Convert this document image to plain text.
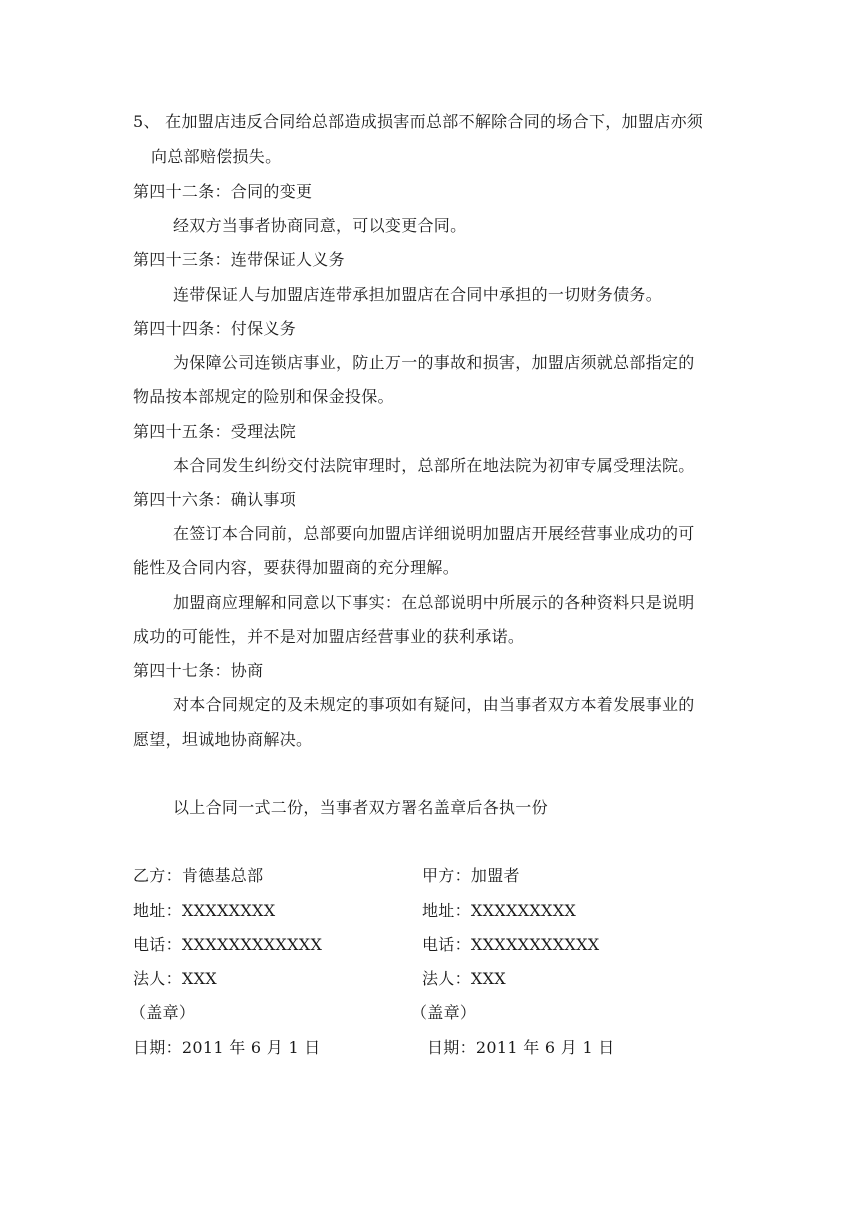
5、 在加盟店违反合同给总部造成损害而总部不解除合同的场合下，加盟店亦须
向总部赔偿损失。
第四十二条：合同的变更
经双方当事者协商同意，可以变更合同。
第四十三条：连带保证人义务
连带保证人与加盟店连带承担加盟店在合同中承担的一切财务债务。
第四十四条：付保义务
为保障公司连锁店事业，防止万一的事故和损害，加盟店须就总部指定的
物品按本部规定的险别和保金投保。
第四十五条：受理法院
本合同发生纠纷交付法院审理时，总部所在地法院为初审专属受理法院。
第四十六条：确认事项
在签订本合同前，总部要向加盟店详细说明加盟店开展经营事业成功的可
能性及合同内容，要获得加盟商的充分理解。
加盟商应理解和同意以下事实：在总部说明中所展示的各种资料只是说明
成功的可能性，并不是对加盟店经营事业的获利承诺。
第四十七条：协商
对本合同规定的及未规定的事项如有疑问，由当事者双方本着发展事业的
愿望，坦诚地协商解决。
以上合同一式二份，当事者双方署名盖章后各执一份
乙方：肯德基总部	甲方：加盟者
地址：XXXXXXXX	地址：XXXXXXXXX
电话：XXXXXXXXXXXX	电话：XXXXXXXXXXX
法人：XXX	法人：XXX
（盖章）	（盖章）
日期：2011 年 6 月 1 日	日期：2011 年 6 月 1 日
